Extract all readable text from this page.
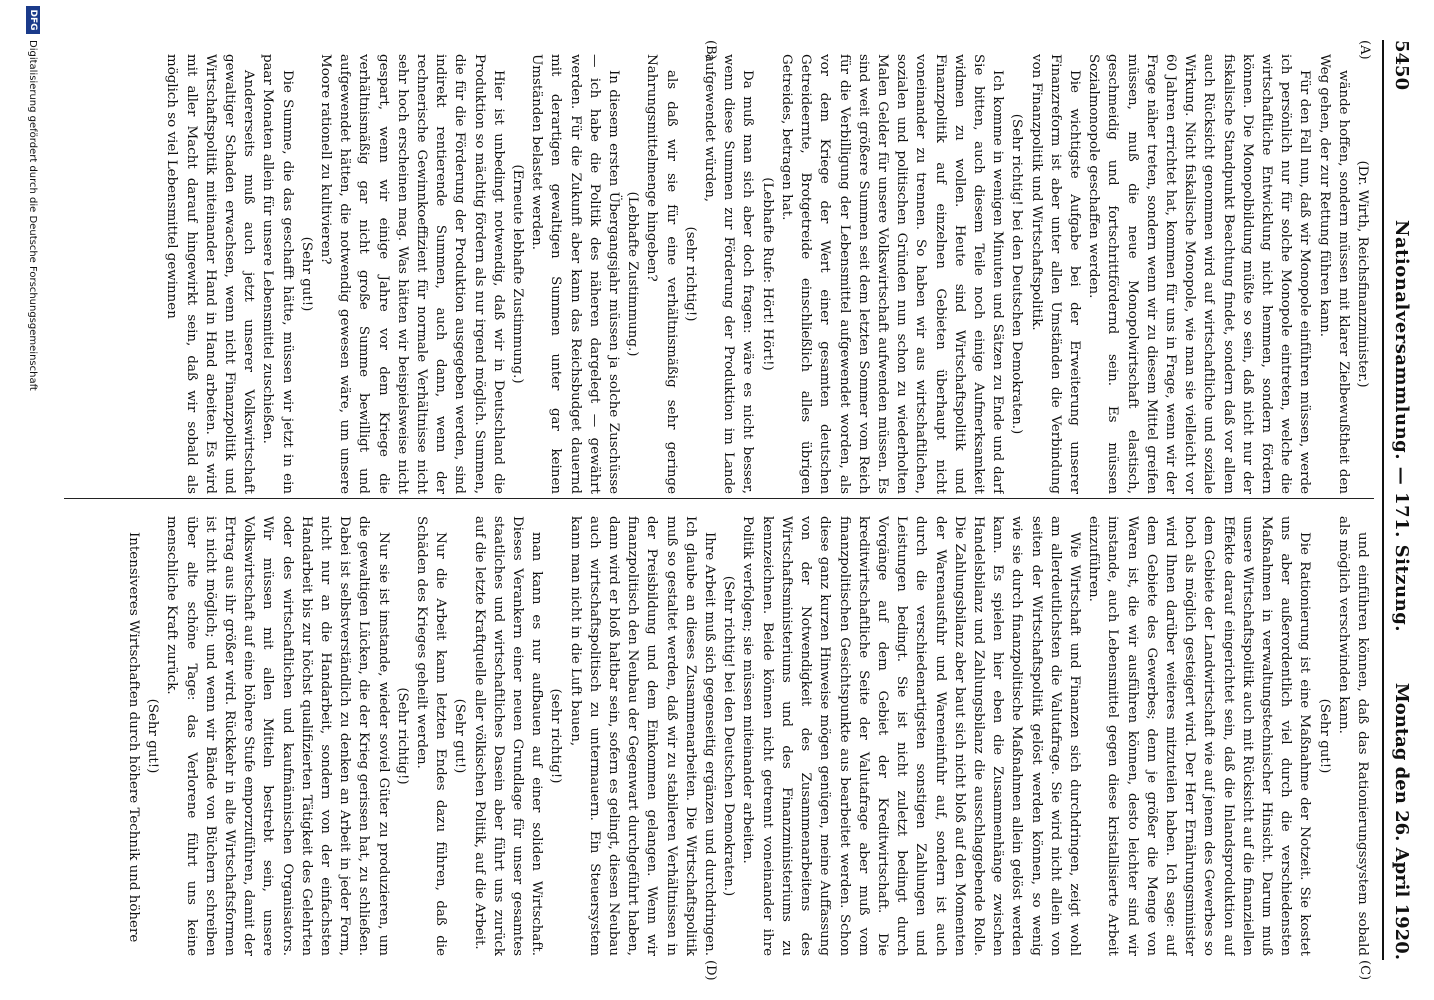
5450
Nationalversammlung. — 171. Sitzung.
Montag den 26. April 1920.
(A)
(B)
(C)
(D)

(Dr. Wirth, Reichsfinanzminister.)

wände hoffen, sondern müssen mit klarer Zielbewußtheit den Weg gehen, der zur Rettung führen kann.

Für den Fall nun, daß wir Monopole einführen müssen, werde ich persönlich nur für solche Monopole eintreten, welche die wirtschaftliche Entwicklung nicht hemmen, sondern fördern können. Die Monopolbildung müßte so sein, daß nicht nur der fiskalische Standpunkt Beachtung findet, sondern daß vor allem auch Rücksicht genommen wird auf wirtschaftliche und soziale Wirkung. Nicht fiskalische Monopole, wie man sie vielleicht vor 60 Jahren errichtet hat, kommen für uns in Frage, wenn wir der Frage näher treten, sondern wenn wir zu diesem Mittel greifen müssen, muß die neue Monopolwirtschaft elastisch, geschmeidig und fortschrittfördernd sein. Es müssen Sozialmonopole geschaffen werden.

Die wichtigste Aufgabe bei der Erweiterung unserer Finanzreform ist aber unter allen Umständen die Verbindung von Finanzpolitik und Wirtschaftspolitik.

(Sehr richtig! bei den Deutschen Demokraten.)

Ich komme in wenigen Minuten und Sätzen zu Ende und darf Sie bitten, auch diesem Teile noch einige Aufmerksamkeit widmen zu wollen. Heute sind Wirtschaftspolitik und Finanzpolitik auf einzelnen Gebieten überhaupt nicht voneinander zu trennen. So haben wir aus wirtschaftlichen, sozialen und politischen Gründen nun schon zu wiederholten Malen Gelder für unsere Volkswirtschaft aufwenden müssen. Es sind weit größere Summen seit dem letzten Sommer vom Reich für die Verbilligung der Lebensmittel aufgewendet worden, als vor dem Kriege der Wert einer gesamten deutschen Getreideernte, Brotgetreide einschließlich alles übrigen Getreides, betragen hat.

(Lebhafte Rufe: Hört! Hört!)

Da muß man sich aber doch fragen: wäre es nicht besser, wenn diese Summen zur Förderung der Produktion im Lande aufgewendet würden,

(sehr richtig!)

als daß wir sie für eine verhältnismäßig sehr geringe Nahrungsmittelmenge hingeben?

(Lebhafte Zustimmung.)

In diesem ersten Übergangsjahr müssen ja solche Zuschüsse — ich habe die Politik des näheren dargelegt — gewährt werden. Für die Zukunft aber kann das Reichsbudget dauernd mit derartigen gewaltigen Summen unter gar keinen Umständen belastet werden.

(Erneute lebhafte Zustimmung.)

Hier ist unbedingt notwendig, daß wir in Deutschland die Produktion so mächtig fördern als nur irgend möglich. Summen, die für die Förderung der Produktion ausgegeben werden, sind indirekt rentierende Summen, auch dann, wenn der rechnerische Gewinnkoeffizient für normale Verhältnisse nicht sehr hoch erscheinen mag. Was hätten wir beispielsweise nicht gespart, wenn wir einige Jahre vor dem Kriege die verhältnismäßig gar nicht große Summe bewilligt und aufgewendet hätten, die notwendig gewesen wäre, um unsere Moore rationell zu kultivieren?

(Sehr gut!)

Die Summe, die das geschafft hätte, müssen wir jetzt in ein paar Monaten allein für unsere Lebensmittel zuschießen.

Andererseits muß auch jetzt unserer Volkswirtschaft gewaltiger Schaden erwachsen, wenn nicht Finanzpolitik und Wirtschaftspolitik miteinander Hand in Hand arbeiten. Es wird mit aller Macht darauf hingewirkt sein, daß wir sobald als möglich so viel Lebensmittel gewinnen

und einführen können, daß das Rationierungssystem sobald als möglich verschwinden kann.

(Sehr gut!)

Die Rationierung ist eine Maßnahme der Notzeit. Sie kostet uns aber außerordentlich viel durch die verschiedensten Maßnahmen in verwaltungstechnischer Hinsicht. Darum muß unsere Wirtschaftspolitik auch mit Rücksicht auf die finanziellen Effekte darauf eingerichtet sein, daß die Inlandsproduktion auf dem Gebiete der Landwirtschaft wie auf jenem des Gewerbes so hoch als möglich gesteigert wird. Der Herr Ernährungsminister wird Ihnen darüber weiteres mitzuteilen haben. Ich sage: auf dem Gebiete des Gewerbes; denn je größer die Menge von Waren ist, die wir ausführen können, desto leichter sind wir imstande, auch Lebensmittel gegen diese kristallisierte Arbeit einzuführen.

Wie Wirtschaft und Finanzen sich durchdringen, zeigt wohl am allerdeutlichsten die Valutafrage. Sie wird nicht allein von seiten der Wirtschaftspolitik gelöst werden können, so wenig wie sie durch finanzpolitische Maßnahmen allein gelöst werden kann. Es spielen hier eben die Zusammenhänge zwischen Handelsbilanz und Zahlungsbilanz die ausschlaggebende Rolle. Die Zahlungsbilanz aber baut sich nicht bloß auf den Momenten der Warenausfuhr und Wareneinfuhr auf, sondern ist auch durch die verschiedenartigsten sonstigen Zahlungen und Leistungen bedingt. Sie ist nicht zuletzt bedingt durch Vorgänge auf dem Gebiet der Kreditwirtschaft. Die kreditwirtschaftliche Seite der Valutafrage aber muß vom finanzpolitischen Gesichtspunkte aus bearbeitet werden. Schon diese ganz kurzen Hinweise mögen genügen, meine Auffassung von der Notwendigkeit des Zusammenarbeitens des Wirtschaftsministeriums und des Finanzministeriums zu kennzeichnen. Beide können nicht getrennt voneinander ihre Politik verfolgen; sie müssen miteinander arbeiten.

(Sehr richtig! bei den Deutschen Demokraten.)

Ihre Arbeit muß sich gegenseitig ergänzen und durchdringen. Ich glaube an dieses Zusammenarbeiten. Die Wirtschaftspolitik muß so gestaltet werden, daß wir zu stabileren Verhältnissen in der Preisbildung und dem Einkommen gelangen. Wenn wir finanzpolitisch den Neubau der Gegenwart durchgeführt haben, dann wird er bloß haltbar sein, sofern es gelingt, diesen Neubau auch wirtschaftspolitisch zu untermauern. Ein Steuersystem kann man nicht in die Luft bauen,

(sehr richtig!)

man kann es nur aufbauen auf einer soliden Wirtschaft. Dieses Verankern einer neuen Grundlage für unser gesamtes staatliches und wirtschaftliches Dasein aber führt uns zurück auf die letzte Kraftquelle aller völkischen Politik, auf die Arbeit.

(Sehr gut!)

Nur die Arbeit kann letzten Endes dazu führen, daß die Schäden des Krieges geheilt werden.

(Sehr richtig!)

Nur sie ist imstande, wieder soviel Güter zu produzieren, um die gewaltigen Lücken, die der Krieg gerissen hat, zu schließen. Dabei ist selbstverständlich zu denken an Arbeit in jeder Form, nicht nur an die Handarbeit, sondern von der einfachsten Handarbeit bis zur höchst qualifizierten Tätigkeit des Gelehrten oder des wirtschaftlichen und kaufmännischen Organisators. Wir müssen mit allen Mitteln bestrebt sein, unsere Volkswirtschaft auf eine höhere Stufe emporzuführen, damit der Ertrag aus ihr größer wird. Rückkehr in alte Wirtschaftsformen ist nicht möglich; und wenn wir Bände von Büchern schreiben über alte schöne Tage: das Verlorene führt uns keine menschliche Kraft zurück.

(Sehr gut!)

Intensiveres Wirtschaften durch höhere Technik und höhere

DFG
Digitalisierung gefördert durch die Deutsche Forschungsgemeinschaft
